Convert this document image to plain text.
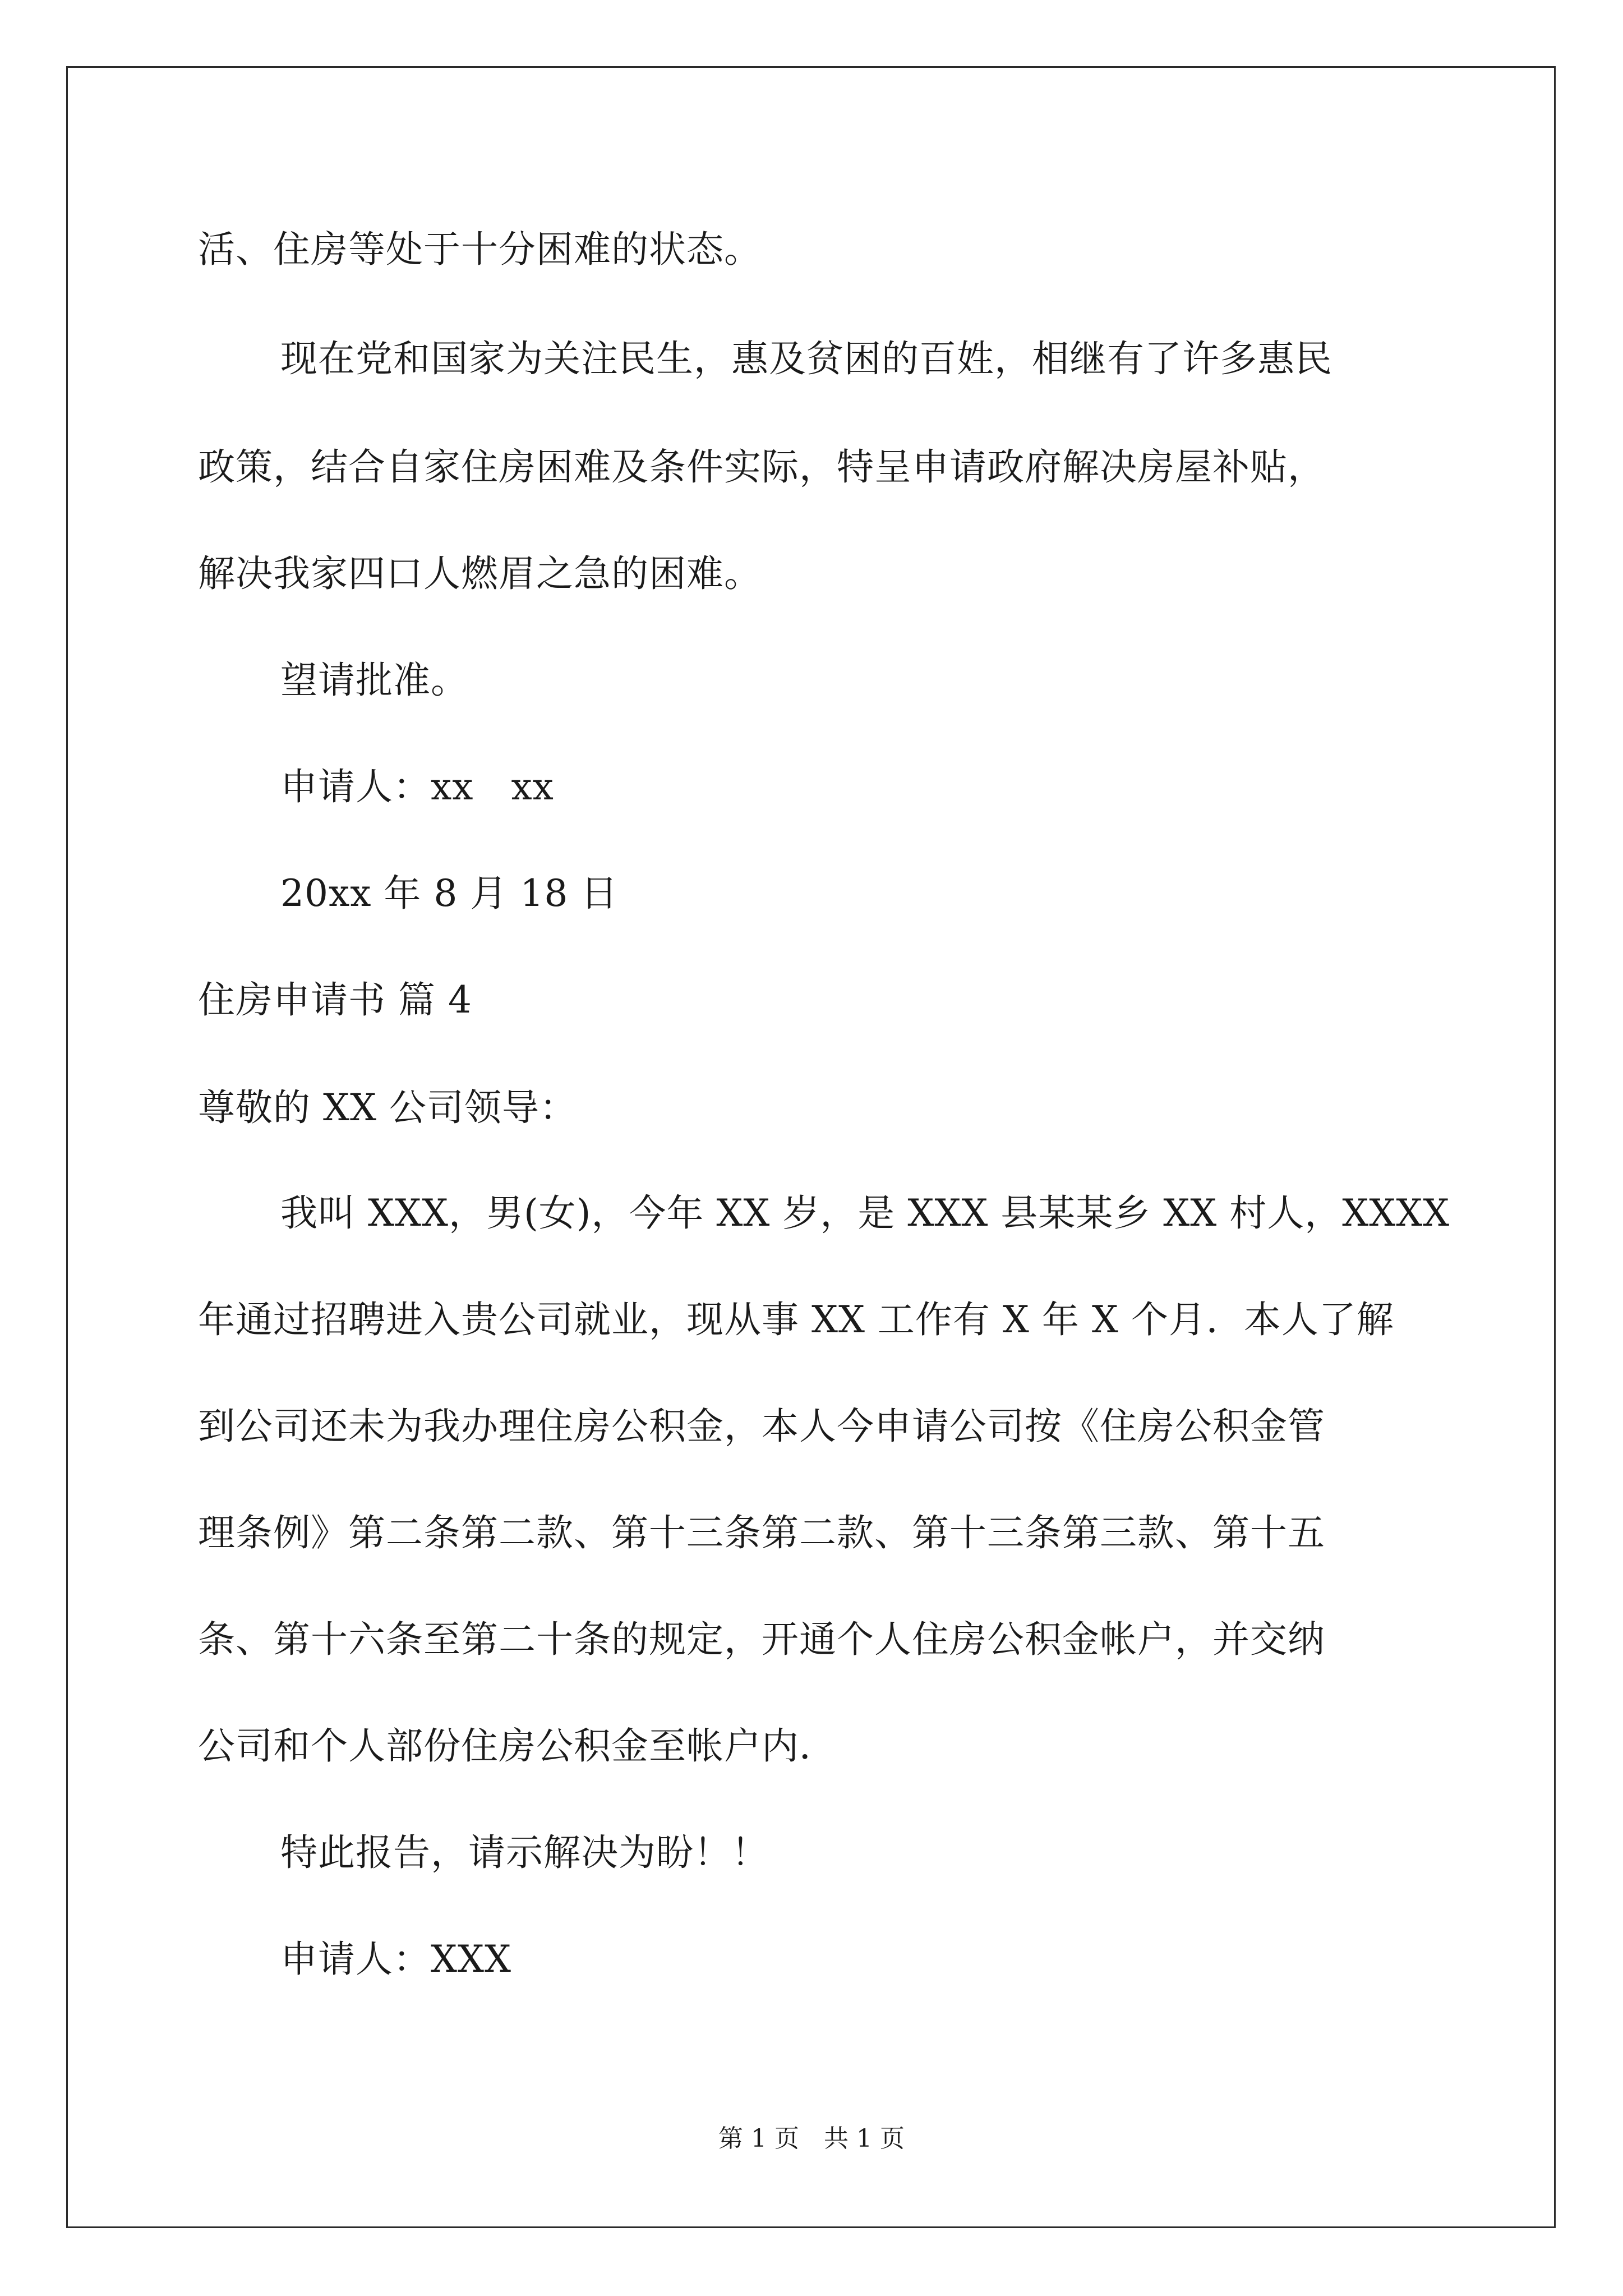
活、住房等处于十分困难的状态。
现在党和国家为关注民生，惠及贫困的百姓，相继有了许多惠民
政策，结合自家住房困难及条件实际，特呈申请政府解决房屋补贴，
解决我家四口人燃眉之急的困难。
望请批准。
申请人：xx　xx
20xx 年 8 月 18 日
住房申请书 篇 4
尊敬的 XX 公司领导：
我叫 XXX，男(女)，今年 XX 岁，是 XXX 县某某乡 XX 村人，XXXX
年通过招聘进入贵公司就业，现从事 XX 工作有 X 年 X 个月．本人了解
到公司还未为我办理住房公积金，本人今申请公司按《住房公积金管
理条例》第二条第二款、第十三条第二款、第十三条第三款、第十五
条、第十六条至第二十条的规定，开通个人住房公积金帐户，并交纳
公司和个人部份住房公积金至帐户内．
特此报告，请示解决为盼！！
申请人：XXX
第 1 页　共 1 页
